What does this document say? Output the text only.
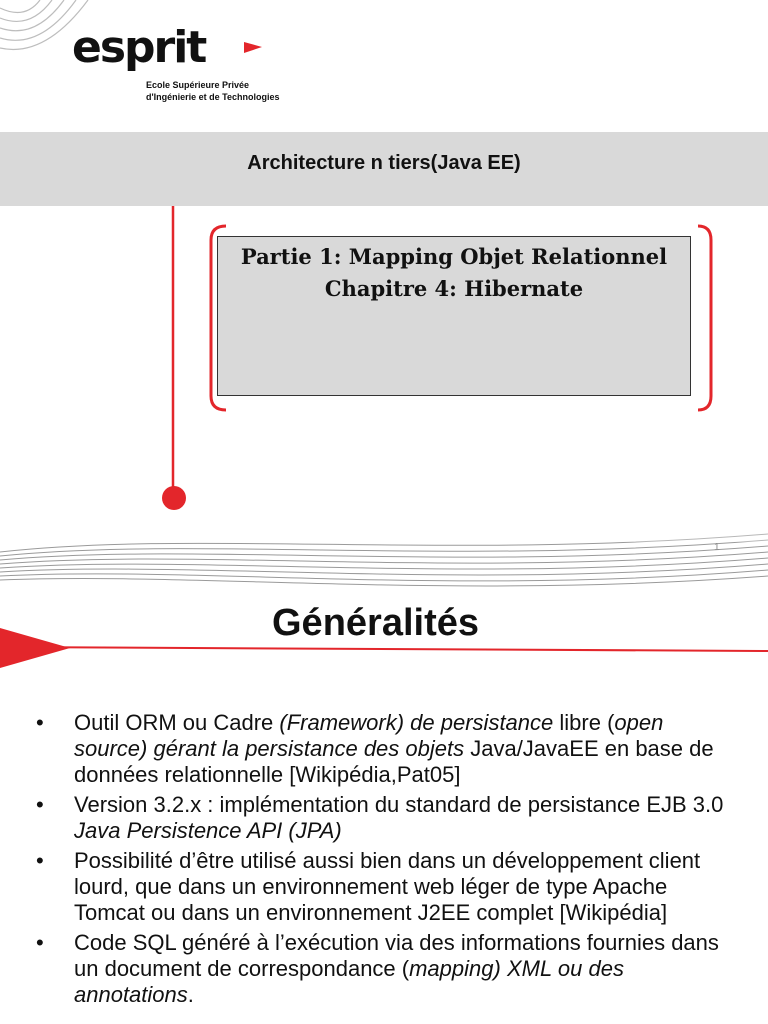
esprit
Ecole Supérieure Privée
d'Ingénierie et de Technologies
Architecture n tiers(Java EE)
Partie 1: Mapping Objet Relationnel
Chapitre 4: Hibernate
1
Généralités
• Outil ORM ou Cadre (Framework) de persistance libre (open source) gérant la persistance des objets Java/JavaEE en base de données relationnelle [Wikipédia,Pat05]
• Version 3.2.x : implémentation du standard de persistance EJB 3.0 Java Persistence API (JPA)
• Possibilité d’être utilisé aussi bien dans un développement client lourd, que dans un environnement web léger de type Apache Tomcat ou dans un environnement J2EE complet [Wikipédia]
• Code SQL généré à l’exécution via des informations fournies dans un document de correspondance (mapping) XML ou des annotations.
